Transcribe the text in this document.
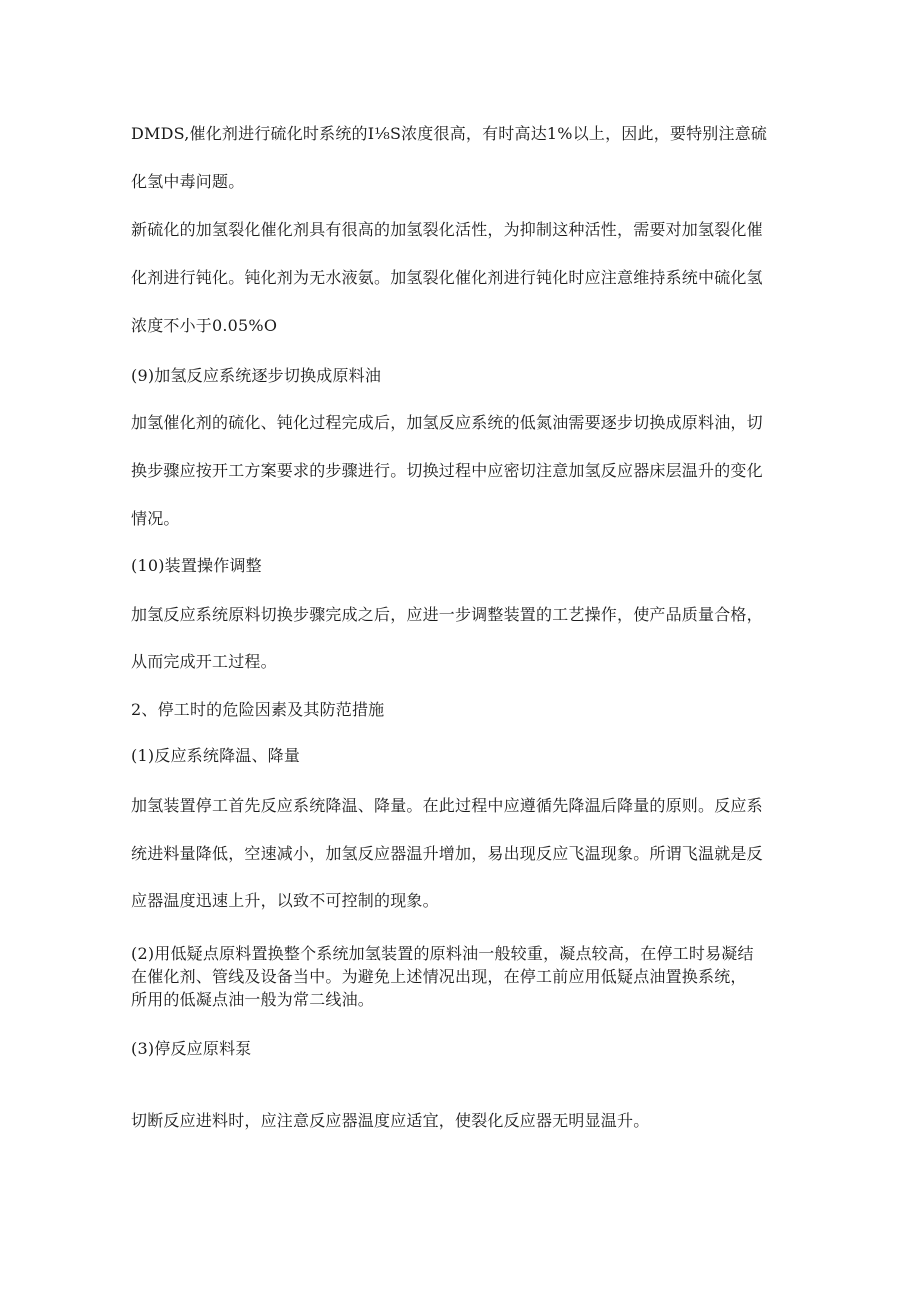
DMDS,催化剂进行硫化时系统的I⅛S浓度很高，有时高达1%以上，因此，要特别注意硫
化氢中毒问题。
新硫化的加氢裂化催化剂具有很高的加氢裂化活性，为抑制这种活性，需要对加氢裂化催
化剂进行钝化。钝化剂为无水液氨。加氢裂化催化剂进行钝化时应注意维持系统中硫化氢
浓度不小于0.05%O
(9)加氢反应系统逐步切换成原料油
加氢催化剂的硫化、钝化过程完成后，加氢反应系统的低氮油需要逐步切换成原料油，切
换步骤应按开工方案要求的步骤进行。切换过程中应密切注意加氢反应器床层温升的变化
情况。
(10)装置操作调整
加氢反应系统原料切换步骤完成之后，应进一步调整装置的工艺操作，使产品质量合格，
从而完成开工过程。
2、停工时的危险因素及其防范措施
(1)反应系统降温、降量
加氢装置停工首先反应系统降温、降量。在此过程中应遵循先降温后降量的原则。反应系
统进料量降低，空速减小，加氢反应器温升增加，易出现反应飞温现象。所谓飞温就是反
应器温度迅速上升，以致不可控制的现象。
(2)用低疑点原料置换整个系统加氢装置的原料油一般较重，凝点较高，在停工时易凝结
在催化剂、管线及设备当中。为避免上述情况出现，在停工前应用低疑点油置换系统，
所用的低凝点油一般为常二线油。
(3)停反应原料泵
切断反应进料时，应注意反应器温度应适宜，使裂化反应器无明显温升。
